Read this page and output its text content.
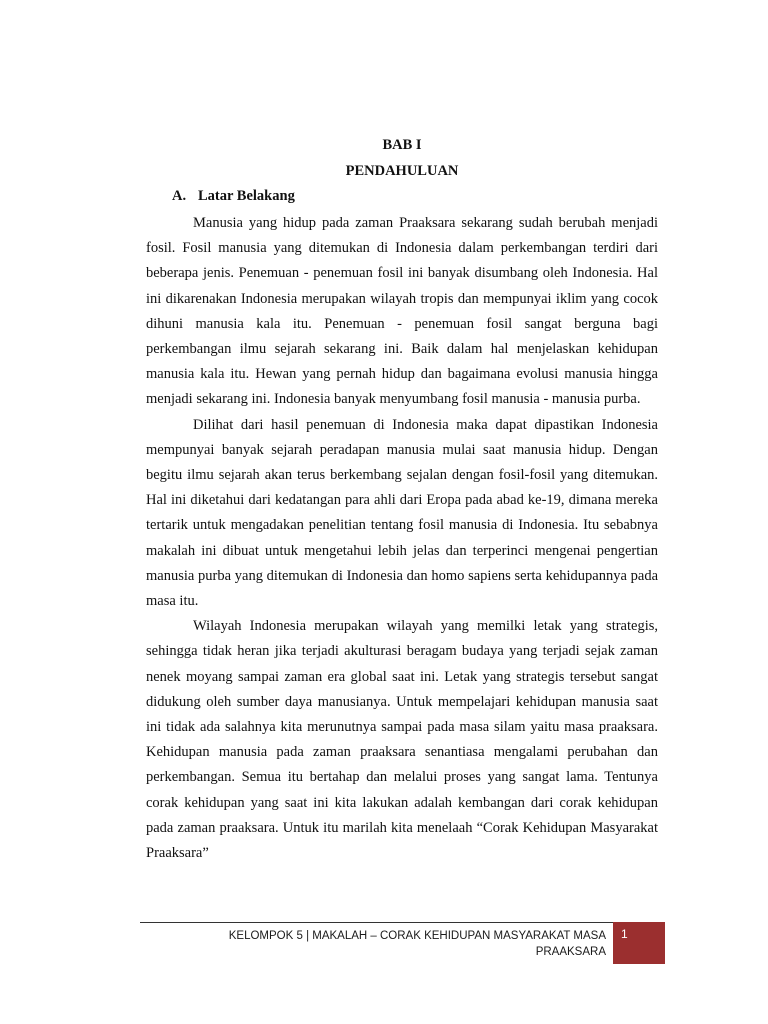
BAB I
PENDAHULUAN
A. Latar Belakang

Manusia yang hidup pada zaman Praaksara sekarang sudah berubah menjadi fosil. Fosil manusia yang ditemukan di Indonesia dalam perkembangan terdiri dari beberapa jenis. Penemuan - penemuan fosil ini banyak disumbang oleh Indonesia. Hal ini dikarenakan Indonesia merupakan wilayah tropis dan mempunyai iklim yang cocok dihuni manusia kala itu. Penemuan - penemuan fosil sangat berguna bagi perkembangan ilmu sejarah sekarang ini. Baik dalam hal menjelaskan kehidupan manusia kala itu. Hewan yang pernah hidup dan bagaimana evolusi manusia hingga menjadi sekarang ini. Indonesia banyak menyumbang fosil manusia - manusia purba.

Dilihat dari hasil penemuan di Indonesia maka dapat dipastikan Indonesia mempunyai banyak sejarah peradapan manusia mulai saat manusia hidup. Dengan begitu ilmu sejarah akan terus berkembang sejalan dengan fosil-fosil yang ditemukan. Hal ini diketahui dari kedatangan para ahli dari Eropa pada abad ke-19, dimana mereka tertarik untuk mengadakan penelitian tentang fosil manusia di Indonesia. Itu sebabnya makalah ini dibuat untuk mengetahui lebih jelas dan terperinci mengenai pengertian manusia purba yang ditemukan di Indonesia dan homo sapiens serta kehidupannya pada masa itu.

Wilayah Indonesia merupakan wilayah yang memilki letak yang strategis, sehingga tidak heran jika terjadi akulturasi beragam budaya yang terjadi sejak zaman nenek moyang sampai zaman era global saat ini. Letak yang strategis tersebut sangat didukung oleh sumber daya manusianya. Untuk mempelajari kehidupan manusia saat ini tidak ada salahnya kita merunutnya sampai pada masa silam yaitu masa praaksara. Kehidupan manusia pada zaman praaksara senantiasa mengalami perubahan dan perkembangan. Semua itu bertahap dan melalui proses yang sangat lama. Tentunya corak kehidupan yang saat ini kita lakukan adalah kembangan dari corak kehidupan pada zaman praaksara. Untuk itu marilah kita menelaah “Corak Kehidupan Masyarakat Praaksara”

KELOMPOK 5 | MAKALAH – CORAK KEHIDUPAN MASYARAKAT MASA
PRAAKSARA
1
